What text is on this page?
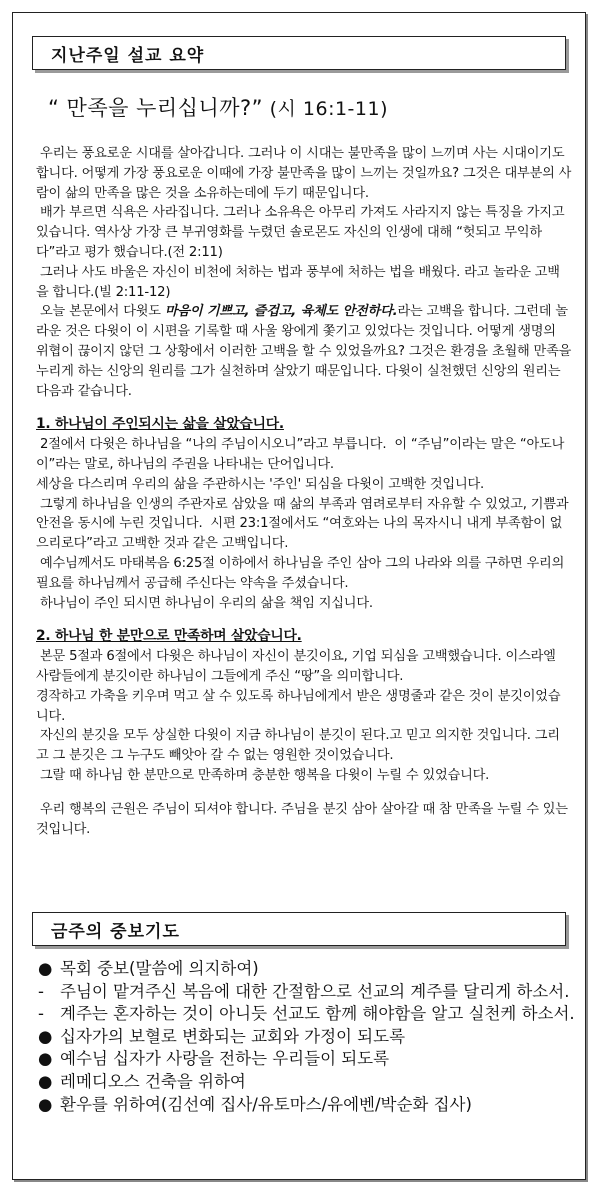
지난주일 설교 요약
“ 만족을 누리십니까?” (시 16:1-11)

우리는 풍요로운 시대를 살아갑니다. 그러나 이 시대는 불만족을 많이 느끼며 사는 시대이기도 합니다. 어떻게 가장 풍요로운 이때에 가장 불만족을 많이 느끼는 것일까요? 그것은 대부분의 사람이 삶의 만족을 많은 것을 소유하는데에 두기 때문입니다.

배가 부르면 식욕은 사라집니다. 그러나 소유욕은 아무리 가져도 사라지지 않는 특징을 가지고 있습니다. 역사상 가장 큰 부귀영화를 누렸던 솔로몬도 자신의 인생에 대해 “헛되고 무익하다”라고 평가 했습니다.(전 2:11)

그러나 사도 바울은 자신이 비천에 처하는 법과 풍부에 처하는 법을 배웠다. 라고 놀라운 고백을 합니다.(빌 2:11-12)

오늘 본문에서 다윗도 마음이 기쁘고, 즐겁고, 육체도 안전하다.라는 고백을 합니다. 그런데 놀라운 것은 다윗이 이 시편을 기록할 때 사울 왕에게 쫓기고 있었다는 것입니다. 어떻게 생명의 위협이 끊이지 않던 그 상황에서 이러한 고백을 할 수 있었을까요? 그것은 환경을 초월해 만족을 누리게 하는 신앙의 원리를 그가 실천하며 살았기 때문입니다. 다윗이 실천했던 신앙의 원리는 다음과 같습니다.

1. 하나님이 주인되시는 삶을 살았습니다.

2절에서 다윗은 하나님을 “나의 주님이시오니”라고 부릅니다.  이 “주님”이라는 말은 “아도나이”라는 말로, 하나님의 주권을 나타내는 단어입니다.

세상을 다스리며 우리의 삶을 주관하시는 '주인' 되심을 다윗이 고백한 것입니다.

그렇게 하나님을 인생의 주관자로 삼았을 때 삶의 부족과 염려로부터 자유할 수 있었고, 기쁨과 안전을 동시에 누린 것입니다.  시편 23:1절에서도 “여호와는 나의 목자시니 내게 부족함이 없으리로다”라고 고백한 것과 같은 고백입니다.

예수님께서도 마태복음 6:25절 이하에서 하나님을 주인 삼아 그의 나라와 의를 구하면 우리의 필요를 하나님께서 공급해 주신다는 약속을 주셨습니다.

하나님이 주인 되시면 하나님이 우리의 삶을 책임 지십니다.

2. 하나님 한 분만으로 만족하며 살았습니다.

본문 5절과 6절에서 다윗은 하나님이 자신이 분깃이요, 기업 되심을 고백했습니다. 이스라엘 사람들에게 분깃이란 하나님이 그들에게 주신 “땅”을 의미합니다.

경작하고 가축을 키우며 먹고 살 수 있도록 하나님에게서 받은 생명줄과 같은 것이 분깃이었습니다.

자신의 분깃을 모두 상실한 다윗이 지금 하나님이 분깃이 된다.고 믿고 의지한 것입니다. 그리고 그 분깃은 그 누구도 빼앗아 갈 수 없는 영원한 것이었습니다.

그랄 때 하나님 한 분만으로 만족하며 충분한 행복을 다윗이 누릴 수 있었습니다.

우리 행복의 근원은 주님이 되셔야 합니다. 주님을 분깃 삼아 살아갈 때 참 만족을 누릴 수 있는 것입니다.

금주의 중보기도
● 목회 중보(말씀에 의지하여)
- 주님이 맡겨주신 복음에 대한 간절함으로 선교의 계주를 달리게 하소서.
- 계주는 혼자하는 것이 아니듯 선교도 함께 해야함을 알고 실천케 하소서.
● 십자가의 보혈로 변화되는 교회와 가정이 되도록
● 예수님 십자가 사랑을 전하는 우리들이 되도록
● 레메디오스 건축을 위하여
● 환우를 위하여(김선예 집사/유토마스/유에벤/박순화 집사)
